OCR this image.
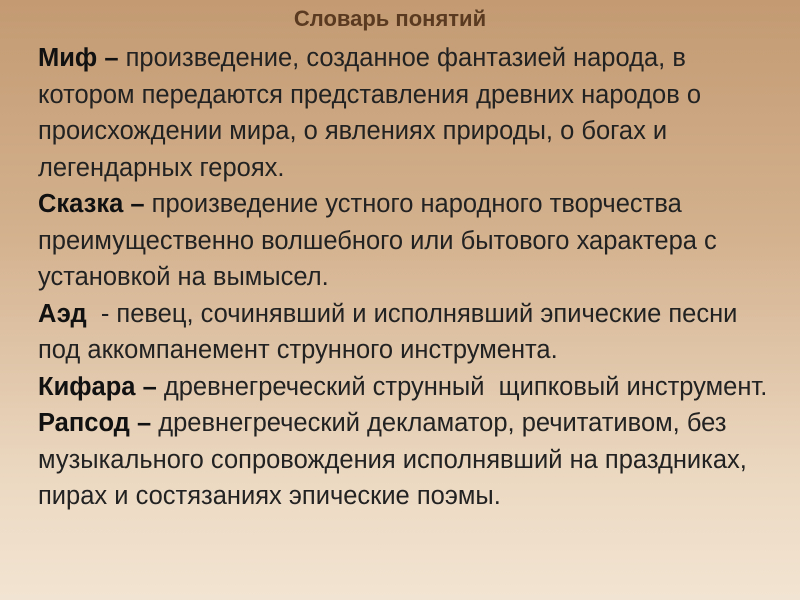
Словарь понятий

Миф – произведение, созданное фантазией народа, в котором передаются представления древних народов о происхождении мира, о явлениях природы, о богах и легендарных героях.

Сказка – произведение устного народного творчества преимущественно волшебного или бытового характера с установкой на вымысел.

Аэд  - певец, сочинявший и исполнявший эпические песни под аккомпанемент струнного инструмента.

Кифара – древнегреческий струнный  щипковый инструмент.

Рапсод – древнегреческий декламатор, речитативом, без музыкального сопровождения исполнявший на праздниках, пирах и состязаниях эпические поэмы.
